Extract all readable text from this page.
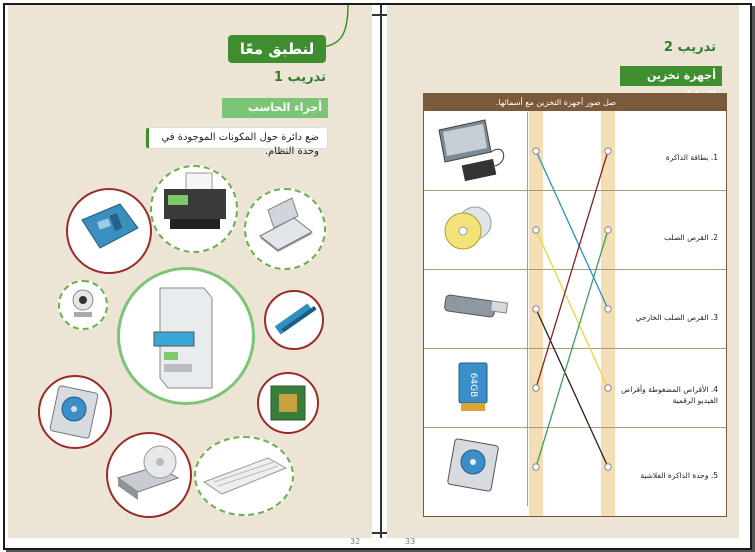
لنطبق معًا
تدريب 1
أجزاء الحاسب
ضع دائرة حول المكونات الموجودة في وحدة النظام.
32
تدريب 2
أجهزة تخزين
صل صور أجهزة التخزين مع أسمائها.
64GB
1. بطاقة الذاكرة
2. القرص الصلب
3. القرص الصلب الخارجي
4. الأقراص المضغوطة وأقراص الفيديو الرقمية
5. وحدة الذاكرة الفلاشية
33
